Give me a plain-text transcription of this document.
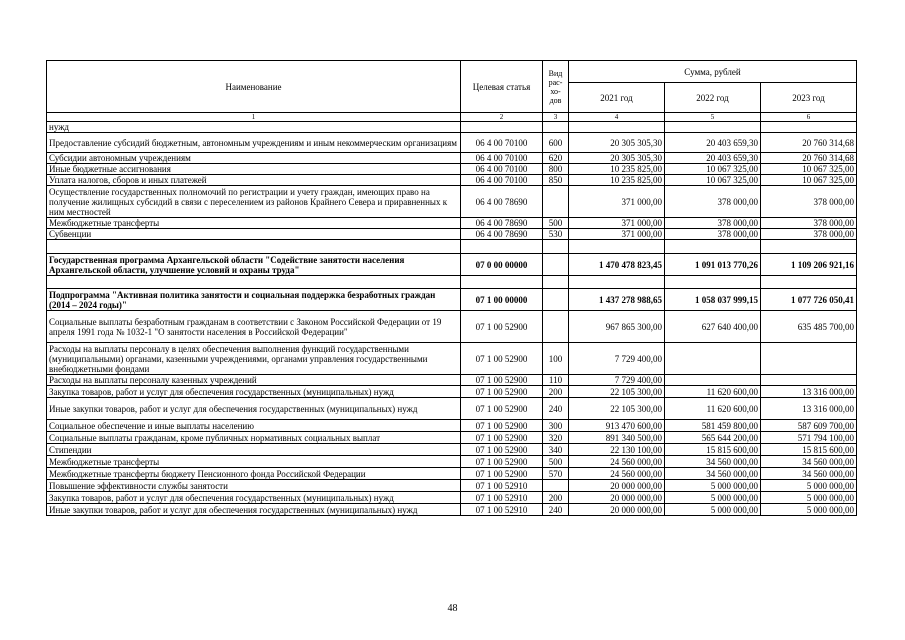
Наименование	Целевая статья	Вид рас-хо-дов	Сумма, рублей		
			2021 год	2022 год	2023 год
1	2	3	4	5	6
нужд					
Предоставление субсидий бюджетным, автономным учреждениям и иным некоммерческим организациям	06 4 00 70100	600	20 305 305,30	20 403 659,30	20 760 314,68
Субсидии автономным учреждениям	06 4 00 70100	620	20 305 305,30	20 403 659,30	20 760 314,68
Иные бюджетные ассигнования	06 4 00 70100	800	10 235 825,00	10 067 325,00	10 067 325,00
Уплата налогов, сборов и иных платежей	06 4 00 70100	850	10 235 825,00	10 067 325,00	10 067 325,00
Осуществление государственных полномочий по регистрации и учету граждан, имеющих право на получение жилищных субсидий в связи с переселением из районов Крайнего Севера и приравненных к ним местностей	06 4 00 78690		371 000,00	378 000,00	378 000,00
Межбюджетные трансферты	06 4 00 78690	500	371 000,00	378 000,00	378 000,00
Субвенции	06 4 00 78690	530	371 000,00	378 000,00	378 000,00

Государственная программа Архангельской области "Содействие занятости населения Архангельской области, улучшение условий и охраны труда"	07 0 00 00000		1 470 478 823,45	1 091 013 770,26	1 109 206 921,16

Подпрограмма "Активная политика занятости и социальная поддержка безработных граждан (2014 – 2024 годы)"	07 1 00 00000		1 437 278 988,65	1 058 037 999,15	1 077 726 050,41
Социальные выплаты безработным гражданам в соответствии с Законом Российской Федерации от 19 апреля 1991 года № 1032-1 "О занятости населения в Российской Федерации"	07 1 00 52900		967 865 300,00	627 640 400,00	635 485 700,00
Расходы на выплаты персоналу в целях обеспечения выполнения функций государственными (муниципальными) органами, казенными учреждениями, органами управления государственными внебюджетными фондами	07 1 00 52900	100	7 729 400,00		
Расходы на выплаты персоналу казенных учреждений	07 1 00 52900	110	7 729 400,00		
Закупка товаров, работ и услуг для обеспечения государственных (муниципальных) нужд	07 1 00 52900	200	22 105 300,00	11 620 600,00	13 316 000,00
Иные закупки товаров, работ и услуг для обеспечения государственных (муниципальных) нужд	07 1 00 52900	240	22 105 300,00	11 620 600,00	13 316 000,00
Социальное обеспечение и иные выплаты населению	07 1 00 52900	300	913 470 600,00	581 459 800,00	587 609 700,00
Социальные выплаты гражданам, кроме публичных нормативных социальных выплат	07 1 00 52900	320	891 340 500,00	565 644 200,00	571 794 100,00
Стипендии	07 1 00 52900	340	22 130 100,00	15 815 600,00	15 815 600,00
Межбюджетные трансферты	07 1 00 52900	500	24 560 000,00	34 560 000,00	34 560 000,00
Межбюджетные трансферты бюджету Пенсионного фонда Российской Федерации	07 1 00 52900	570	24 560 000,00	34 560 000,00	34 560 000,00
Повышение эффективности службы занятости	07 1 00 52910		20 000 000,00	5 000 000,00	5 000 000,00
Закупка товаров, работ и услуг для обеспечения государственных (муниципальных) нужд	07 1 00 52910	200	20 000 000,00	5 000 000,00	5 000 000,00
Иные закупки товаров, работ и услуг для обеспечения государственных (муниципальных) нужд	07 1 00 52910	240	20 000 000,00	5 000 000,00	5 000 000,00
48
